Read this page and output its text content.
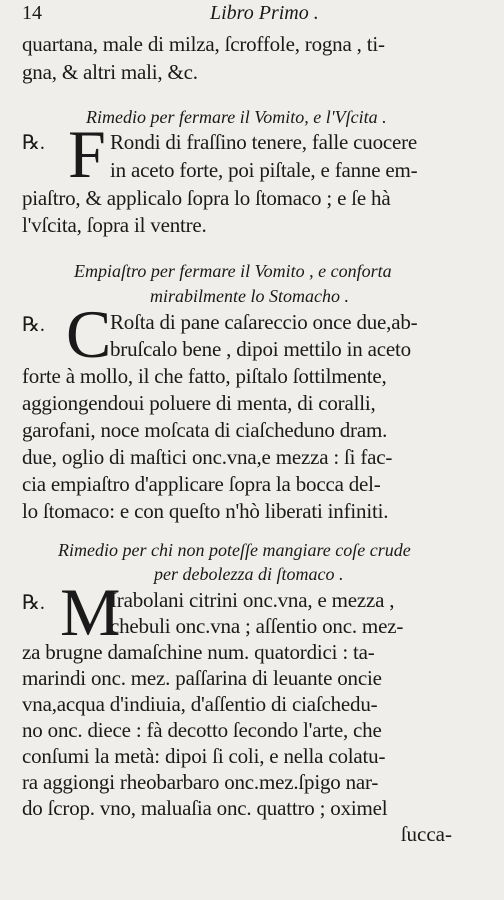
14	Libro Primo .
quartana, male di milza, ſcroffole, rogna , ti-
gna, & altri mali, &c.
Rimedio per fermare il Vomito, e l'Vſcita .
℞. F Rondi di fraſſino tenere, falle cuocere
in aceto forte, poi piſtale, e fanne em-
piaſtro, & applicalo ſopra lo ſtomaco ; e ſe hà
l'vſcita, ſopra il ventre.
Empiaſtro per fermare il Vomito , e conforta
mirabilmente lo Stomacho .
℞. C
Roſta di pane caſareccio once due,ab-
bruſcalo bene , dipoi mettilo in aceto
forte à mollo, il che fatto, piſtalo ſottilmente,
aggiongendoui poluere di menta, di coralli,
garofani, noce moſcata di ciaſcheduno dram.
due, oglio di maſtici onc.vna,e mezza : ſi fac-
cia empiaſtro d'applicare ſopra la bocca del-
lo ſtomaco: e con queſto n'hò liberati infiniti.
Rimedio per chi non poteſſe mangiare coſe crude
per debolezza di ſtomaco .
℞. M
Irabolani citrini onc.vna, e mezza ,
chebuli onc.vna ; aſſentio onc. mez-
za brugne damaſchine num. quatordici : ta-
marindi onc. mez. paſſarina di leuante oncie
vna,acqua d'indiuia, d'aſſentio di ciaſchedu-
no onc. diece : fà decotto ſecondo l'arte, che
conſumi la metà: dipoi ſi coli, e nella colatu-
ra aggiongi rheobarbaro onc.mez.ſpigo nar-
do ſcrop. vno, maluaſia onc. quattro ; oximel
ſucca-
